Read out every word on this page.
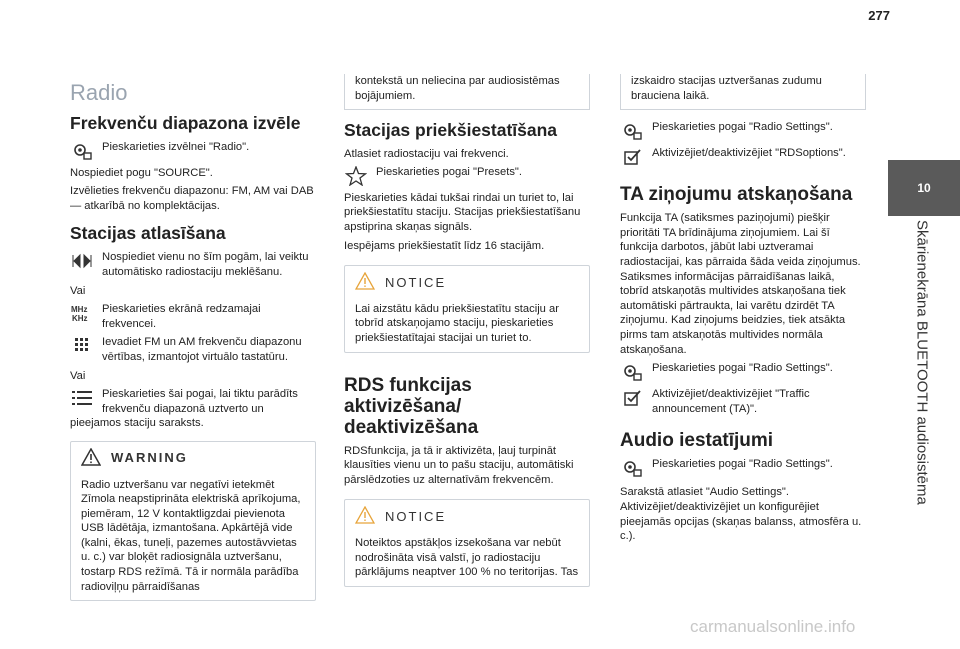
277
10
Skārienekrāna BLUETOOTH audiosistēma
Radio
Frekvenču diapazona izvēle
Pieskarieties izvēlnei "Radio".

Nospiediet pogu "SOURCE".

Izvēlieties frekvenču diapazonu: FM, AM vai DAB — atkarībā no komplektācijas.

Stacijas atlasīšana
Nospiediet vienu no šīm pogām, lai veiktu automātisko radiostaciju meklēšanu.

Vai

MHz
KHz
Pieskarieties ekrānā redzamajai frekvencei.
Ievadiet FM un AM frekvenču diapazonu vērtības, izmantojot virtuālo tastatūru.

Vai

Pieskarieties šai pogai, lai tiktu parādīts frekvenču diapazonā uztverto un

pieejamos staciju saraksts.

WARNING
Radio uztveršanu var negatīvi ietekmēt Zīmola neapstiprināta elektriskā aprīkojuma, piemēram, 12 V kontaktligzdai pievienota USB lādētāja, izmantošana. Apkārtējā vide (kalni, ēkas, tuneļi, pazemes autostāvvietas u. c.) var bloķēt radiosignāla uztveršanu, tostarp RDS režīmā. Tā ir normāla parādība radioviļņu pārraidīšanas
kontekstā un neliecina par audiosistēmas bojājumiem.
Stacijas priekšiestatīšana

Atlasiet radiostaciju vai frekvenci.

Pieskarieties pogai "Presets".

Pieskarieties kādai tukšai rindai un turiet to, lai priekšiestatītu staciju. Stacijas priekšiestatīšanu apstiprina skaņas signāls.

Iespējams priekšiestatīt līdz 16 stacijām.

NOTICE
Lai aizstātu kādu priekšiestatītu staciju ar tobrīd atskaņojamo staciju, pieskarieties priekšiestatītajai stacijai un turiet to.
RDS funkcijas aktivizēšana/ deaktivizēšana

RDSfunkcija, ja tā ir aktivizēta, ļauj turpināt klausīties vienu un to pašu staciju, automātiski pārslēdzoties uz alternatīvām frekvencēm.

NOTICE
Noteiktos apstākļos izsekošana var nebūt nodrošināta visā valstī, jo radiostaciju pārklājums neaptver 100 % no teritorijas. Tas
izskaidro stacijas uztveršanas zudumu brauciena laikā.
Pieskarieties pogai "Radio Settings".
Aktivizējiet/deaktivizējiet "RDSoptions".
TA ziņojumu atskaņošana

Funkcija TA (satiksmes paziņojumi) piešķir prioritāti TA brīdinājuma ziņojumiem. Lai šī funkcija darbotos, jābūt labi uztveramai radiostacijai, kas pārraida šāda veida ziņojumus. Satiksmes informācijas pārraidīšanas laikā, tobrīd atskaņotās multivides atskaņošana tiek automātiski pārtraukta, lai varētu dzirdēt TA ziņojumu. Kad ziņojums beidzies, tiek atsākta pirms tam atskaņotās multivides normāla atskaņošana.

Pieskarieties pogai "Radio Settings".
Aktivizējiet/deaktivizējiet "Traffic announcement (TA)".
Audio iestatījumi
Pieskarieties pogai "Radio Settings".

Sarakstā atlasiet "Audio Settings". Aktivizējiet/deaktivizējiet un konfigurējiet pieejamās opcijas (skaņas balanss, atmosfēra u. c.).

carmanualsonline.info
